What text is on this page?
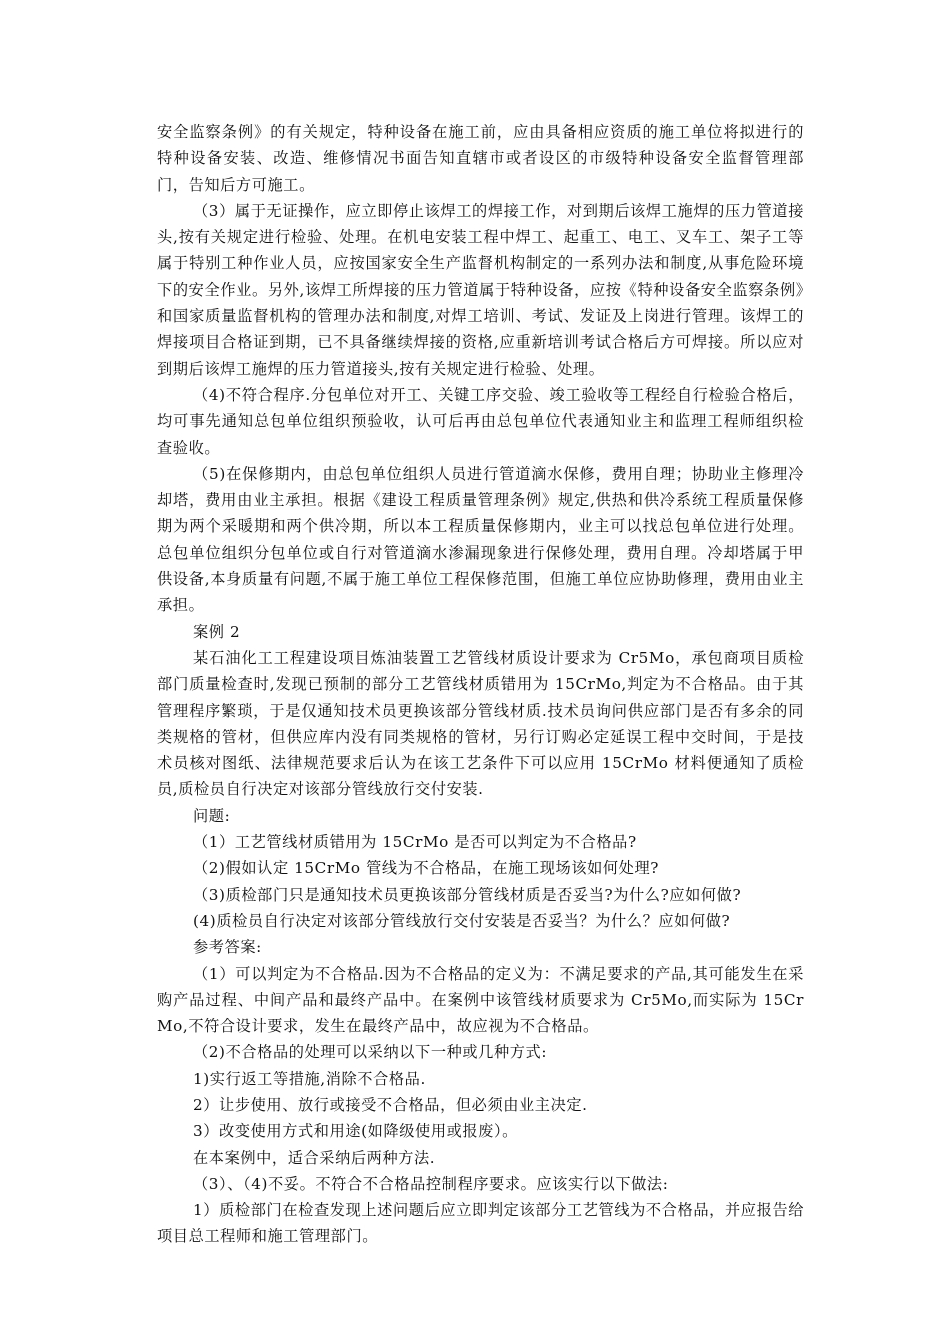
安全监察条例》的有关规定，特种设备在施工前，应由具备相应资质的施工单位将拟进行的特种设备安装、改造、维修情况书面告知直辖市或者设区的市级特种设备安全监督管理部门，告知后方可施工。

（3）属于无证操作，应立即停止该焊工的焊接工作，对到期后该焊工施焊的压力管道接头,按有关规定进行检验、处理。在机电安装工程中焊工、起重工、电工、叉车工、架子工等属于特别工种作业人员，应按国家安全生产监督机构制定的一系列办法和制度,从事危险环境下的安全作业。另外,该焊工所焊接的压力管道属于特种设备，应按《特种设备安全监察条例》和国家质量监督机构的管理办法和制度,对焊工培训、考试、发证及上岗进行管理。该焊工的焊接项目合格证到期，已不具备继续焊接的资格,应重新培训考试合格后方可焊接。所以应对到期后该焊工施焊的压力管道接头,按有关规定进行检验、处理。

（4)不符合程序.分包单位对开工、关键工序交验、竣工验收等工程经自行检验合格后，均可事先通知总包单位组织预验收，认可后再由总包单位代表通知业主和监理工程师组织检查验收。

（5)在保修期内，由总包单位组织人员进行管道滴水保修，费用自理；协助业主修理冷却塔，费用由业主承担。根据《建设工程质量管理条例》规定,供热和供冷系统工程质量保修期为两个采暖期和两个供冷期，所以本工程质量保修期内，业主可以找总包单位进行处理。总包单位组织分包单位或自行对管道滴水渗漏现象进行保修处理，费用自理。冷却塔属于甲供设备,本身质量有问题,不属于施工单位工程保修范围，但施工单位应协助修理，费用由业主承担。

案例 2

某石油化工工程建设项目炼油装置工艺管线材质设计要求为 Cr5Mo，承包商项目质检部门质量检查时,发现已预制的部分工艺管线材质错用为 15CrMo,判定为不合格品。由于其管理程序繁琐，于是仅通知技术员更换该部分管线材质.技术员询问供应部门是否有多余的同类规格的管材，但供应库内没有同类规格的管材，另行订购必定延误工程中交时间，于是技术员核对图纸、法律规范要求后认为在该工艺条件下可以应用 15CrMo 材料便通知了质检员,质检员自行决定对该部分管线放行交付安装.

问题:

（1）工艺管线材质错用为 15CrMo 是否可以判定为不合格品?

（2)假如认定 15CrMo 管线为不合格品，在施工现场该如何处理?

（3)质检部门只是通知技术员更换该部分管线材质是否妥当?为什么?应如何做?

(4)质检员自行决定对该部分管线放行交付安装是否妥当？为什么？应如何做?

参考答案:

（1）可以判定为不合格品.因为不合格品的定义为：不满足要求的产品,其可能发生在采购产品过程、中间产品和最终产品中。在案例中该管线材质要求为 Cr5Mo,而实际为 15CrMo,不符合设计要求，发生在最终产品中，故应视为不合格品。

（2)不合格品的处理可以采纳以下一种或几种方式:

1)实行返工等措施,消除不合格品.

2）让步使用、放行或接受不合格品，但必须由业主决定.

3）改变使用方式和用途(如降级使用或报废）。

在本案例中，适合采纳后两种方法.

（3）、（4)不妥。不符合不合格品控制程序要求。应该实行以下做法:

1）质检部门在检查发现上述问题后应立即判定该部分工艺管线为不合格品，并应报告给项目总工程师和施工管理部门。
